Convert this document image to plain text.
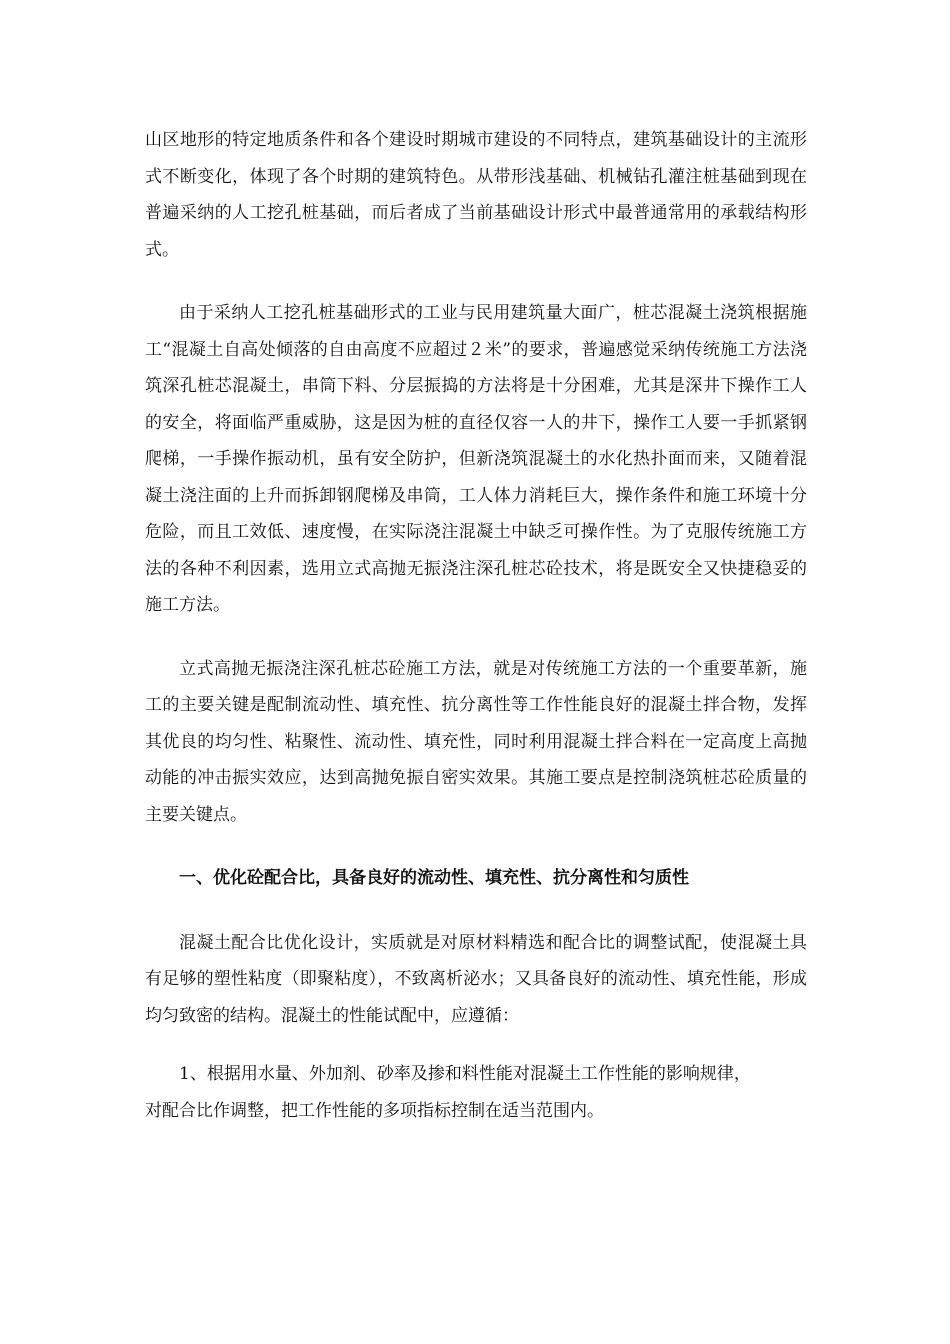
山区地形的特定地质条件和各个建设时期城市建设的不同特点，建筑基础设计的主流形式不断变化，体现了各个时期的建筑特色。从带形浅基础、机械钻孔灌注桩基础到现在普遍采纳的人工挖孔桩基础，而后者成了当前基础设计形式中最普通常用的承载结构形式。

由于采纳人工挖孔桩基础形式的工业与民用建筑量大面广，桩芯混凝土浇筑根据施工“混凝土自高处倾落的自由高度不应超过２米”的要求，普遍感觉采纳传统施工方法浇筑深孔桩芯混凝土，串筒下料、分层振捣的方法将是十分困难，尤其是深井下操作工人的安全，将面临严重威胁，这是因为桩的直径仅容一人的井下，操作工人要一手抓紧钢爬梯，一手操作振动机，虽有安全防护，但新浇筑混凝土的水化热扑面而来，又随着混凝土浇注面的上升而拆卸钢爬梯及串筒，工人体力消耗巨大，操作条件和施工环境十分危险，而且工效低、速度慢，在实际浇注混凝土中缺乏可操作性。为了克服传统施工方法的各种不利因素，选用立式高抛无振浇注深孔桩芯砼技术，将是既安全又快捷稳妥的施工方法。

立式高抛无振浇注深孔桩芯砼施工方法，就是对传统施工方法的一个重要革新，施工的主要关键是配制流动性、填充性、抗分离性等工作性能良好的混凝土拌合物，发挥其优良的均匀性、粘聚性、流动性、填充性，同时利用混凝土拌合料在一定高度上高抛动能的冲击振实效应，达到高抛免振自密实效果。其施工要点是控制浇筑桩芯砼质量的主要关键点。

一、优化砼配合比，具备良好的流动性、填充性、抗分离性和匀质性

混凝土配合比优化设计，实质就是对原材料精选和配合比的调整试配，使混凝土具有足够的塑性粘度（即聚粘度），不致离析泌水；又具备良好的流动性、填充性能，形成均匀致密的结构。混凝土的性能试配中，应遵循：

1、根据用水量、外加剂、砂率及掺和料性能对混凝土工作性能的影响规律，
对配合比作调整，把工作性能的多项指标控制在适当范围内。
